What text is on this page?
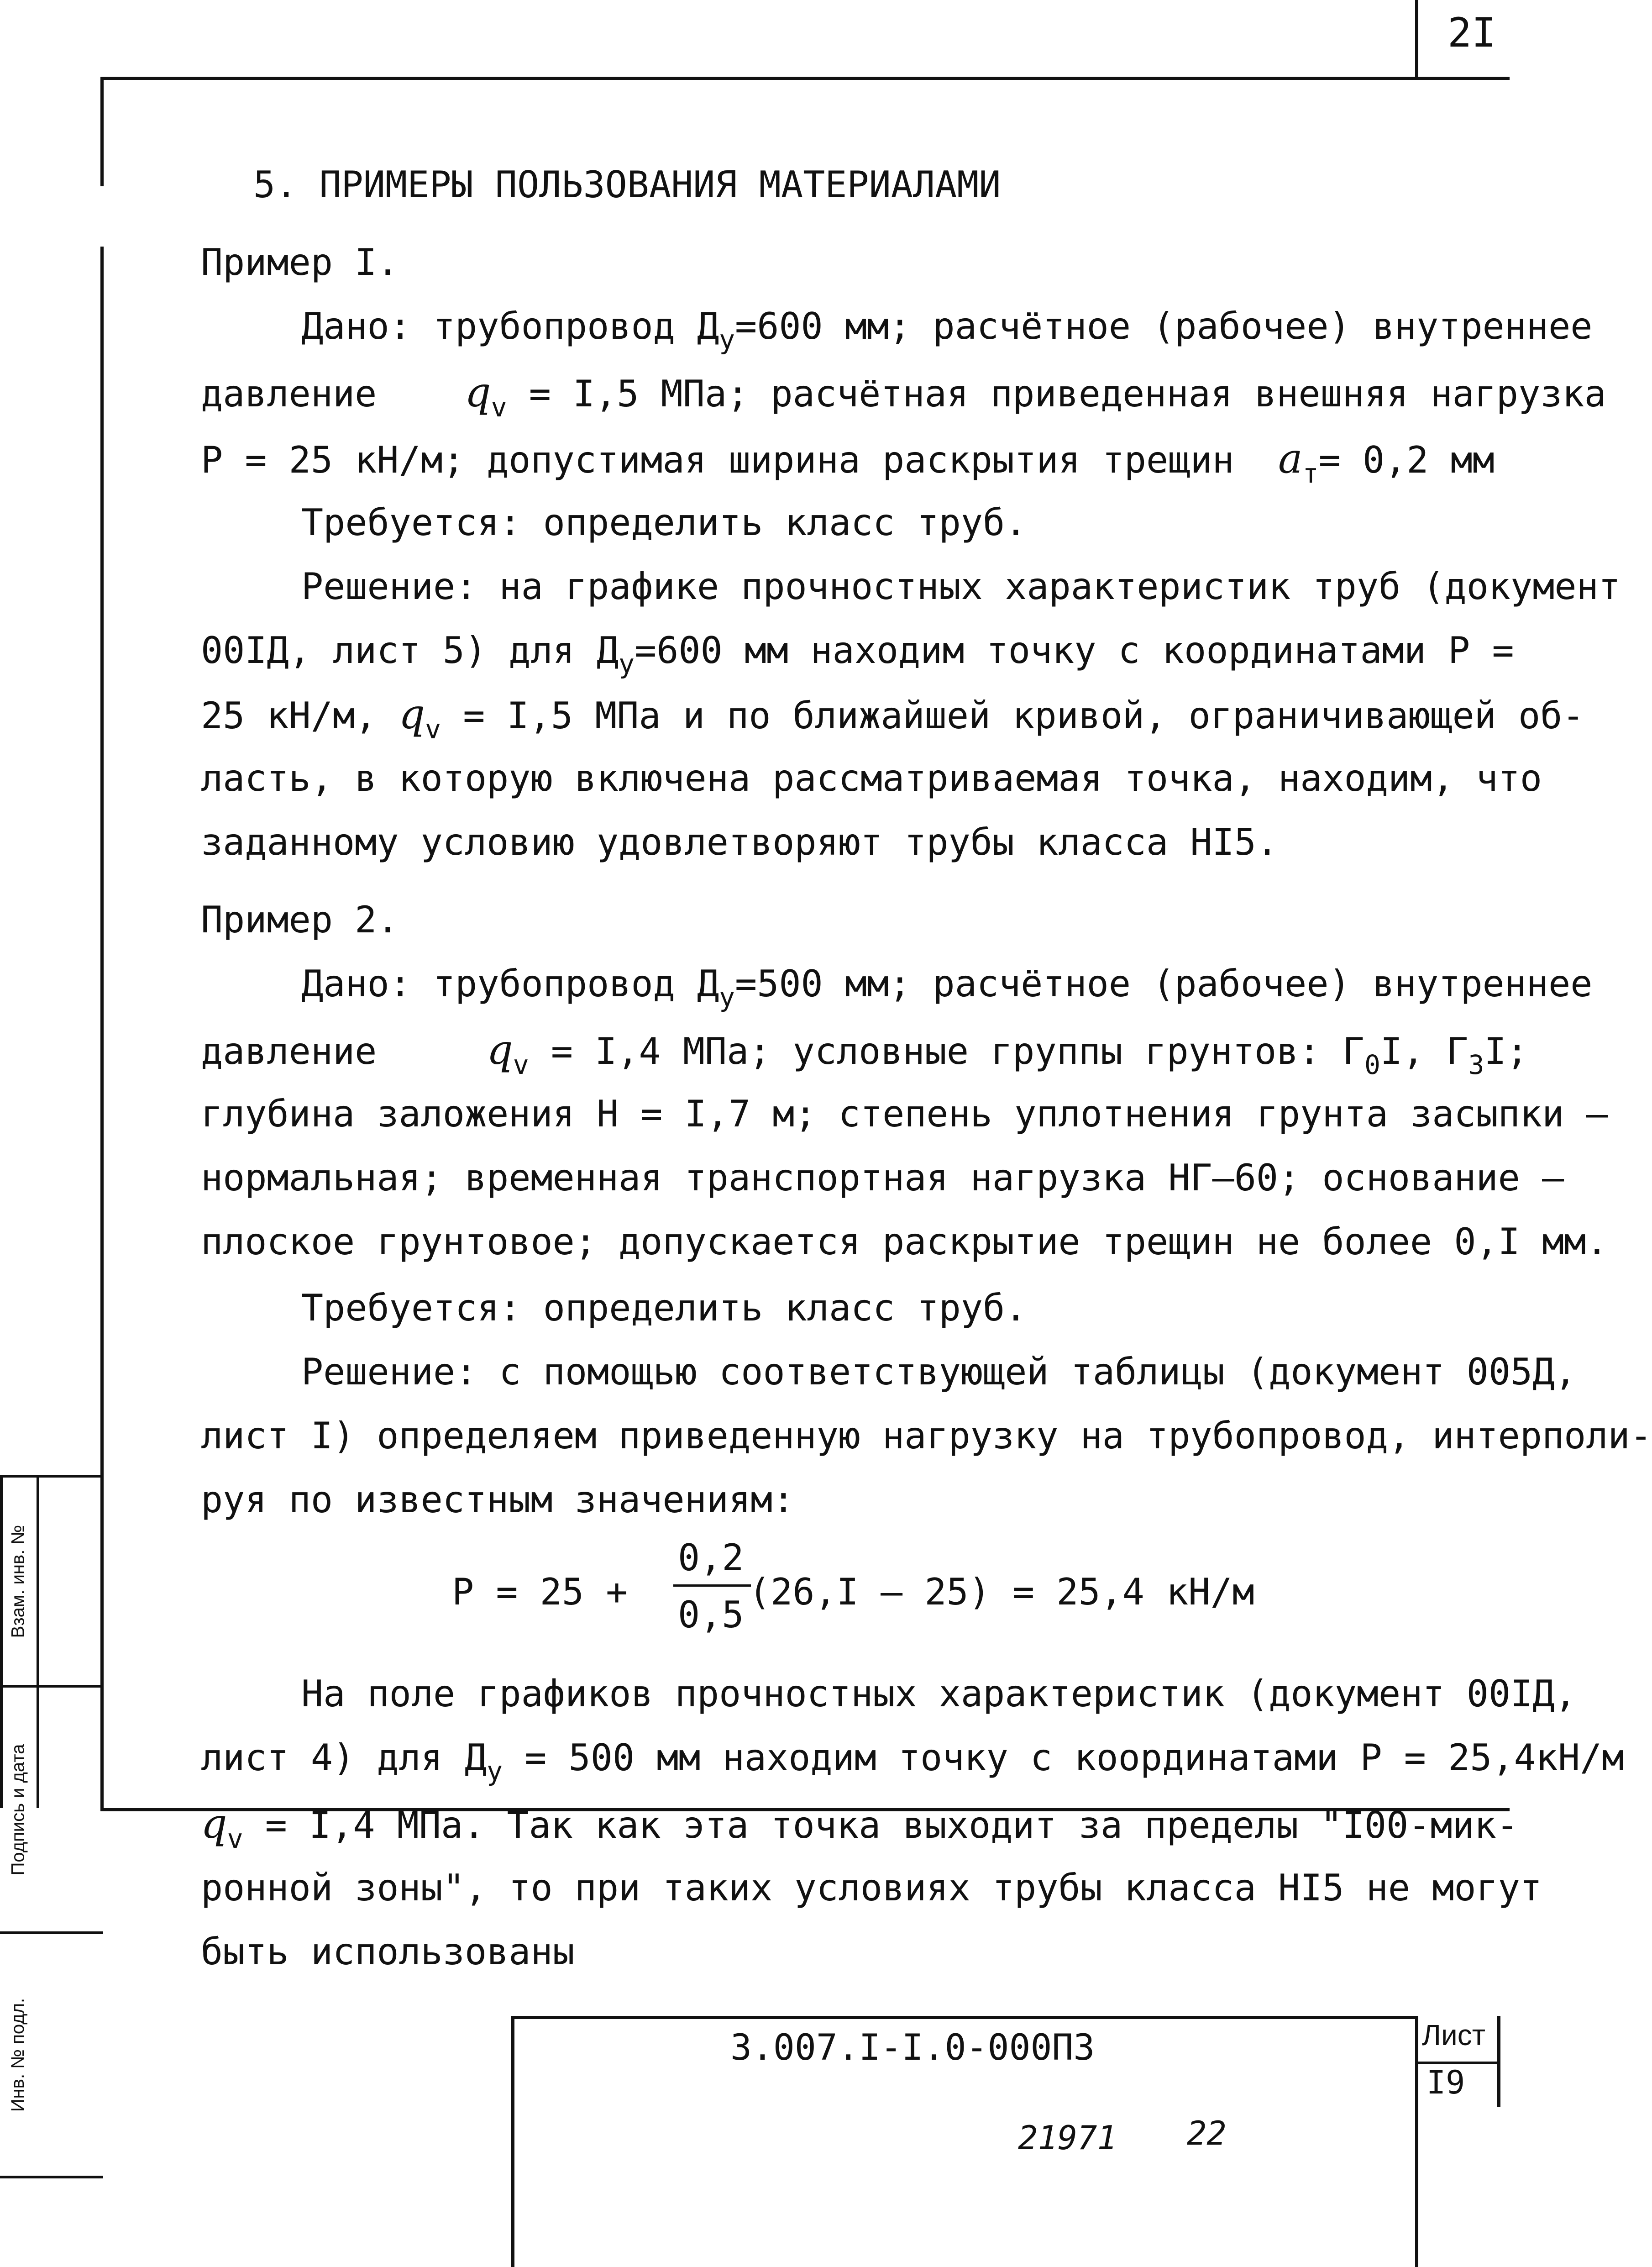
2I
5. ПРИМЕРЫ ПОЛЬЗОВАНИЯ МАТЕРИАЛАМИ
Пример I.
Дано: трубопровод $Д_у=600$ мм; расчётное (рабочее) внутреннее
давление $q_v = I,5$ МПа; расчётная приведенная внешняя нагрузка
Р = 25 кН/м; допустимая ширина раскрытия трещин $a_т= 0,2$ мм
Требуется: определить класс труб.
Решение: на графике прочностных характеристик труб (документ
00IД, лист 5) для $Д_у=600$ мм находим точку с координатами Р =
25 кН/м, $q_v = I,5$ МПа и по ближайшей кривой, ограничивающей об-
ласть, в которую включена рассматриваемая точка, находим, что
заданному условию удовлетворяют трубы класса НI5.
Пример 2.
Дано: трубопровод $Д_у=500$ мм; расчётное (рабочее) внутреннее
давление	$q_v = I,4$ МПа; условные группы грунтов: $Г_0I$, $Г_3I$;
глубина заложения Н = I,7 м; степень уплотнения грунта засыпки –
нормальная; временная транспортная нагрузка НГ–60; основание –
плоское грунтовое; допускается раскрытие трещин не более 0,I мм.
Требуется: определить класс труб.
Решение: с помощью соответствующей таблицы (документ 005Д,
лист I) определяем приведенную нагрузку на трубопровод, интерполи-
руя по известным значениям:
Р = 25 +
0,2
0,5
(26,I – 25) = 25,4 кН/м
На поле графиков прочностных характеристик (документ 00IД,
лист 4) для $Д_у = 500$ мм находим точку с координатами Р = 25,4кН/м
$q_v = I,4$ МПа. Так как эта точка выходит за пределы "I00-мик-
ронной зоны", то при таких условиях трубы класса НI5 не могут
быть использованы
Взам. инв. №
Подпись и дата
Инв. № подл.	3.007.I-I.0-000ПЗ	Лист
I9
21971 22
